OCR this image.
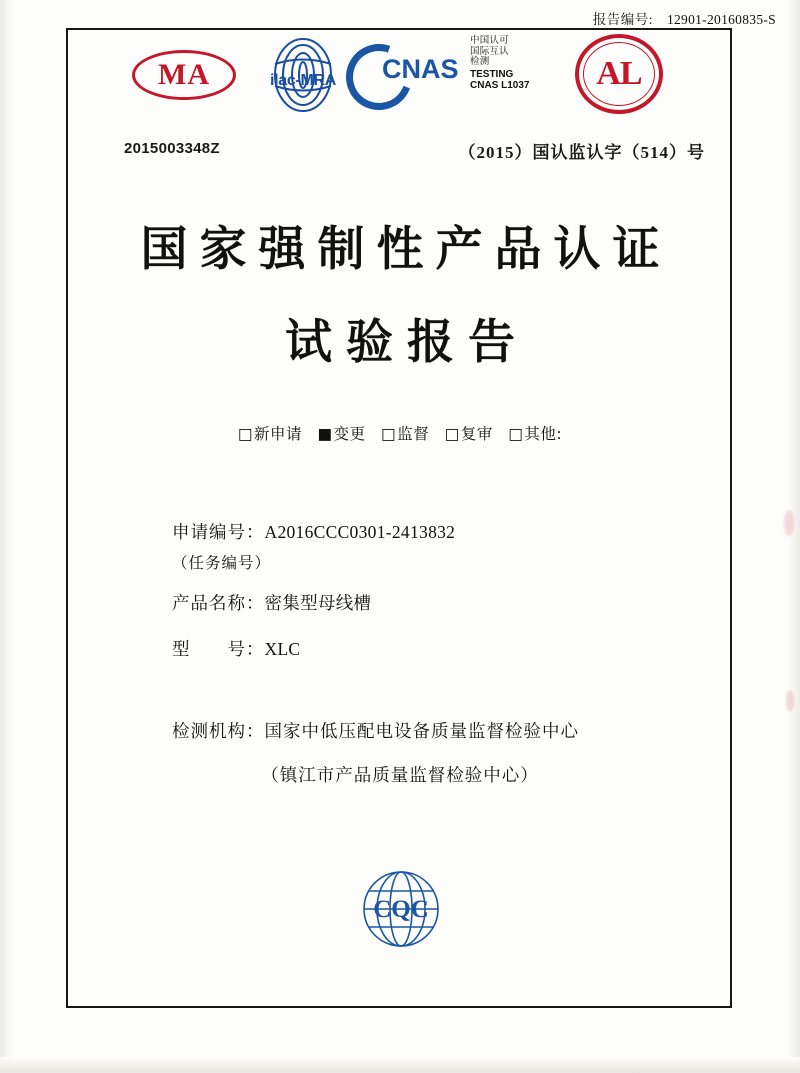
报告编号: 12901-20160835-S
MA	ilac-MRA	CNAS
中国认可
国际互认
检测
TESTING
CNAS L1037	AL
2015003348Z	（2015）国认监认字（514）号
国家强制性产品认证
试验报告
□ 新申请 ■ 变更 □ 监督 □ 复审 □ 其他:
申请编号：A2016CCC0301-2413832
（任务编号）
产品名称：密集型母线槽
型　　号：XLC
检测机构：国家中低压配电设备质量监督检验中心
（镇江市产品质量监督检验中心）
CQC
